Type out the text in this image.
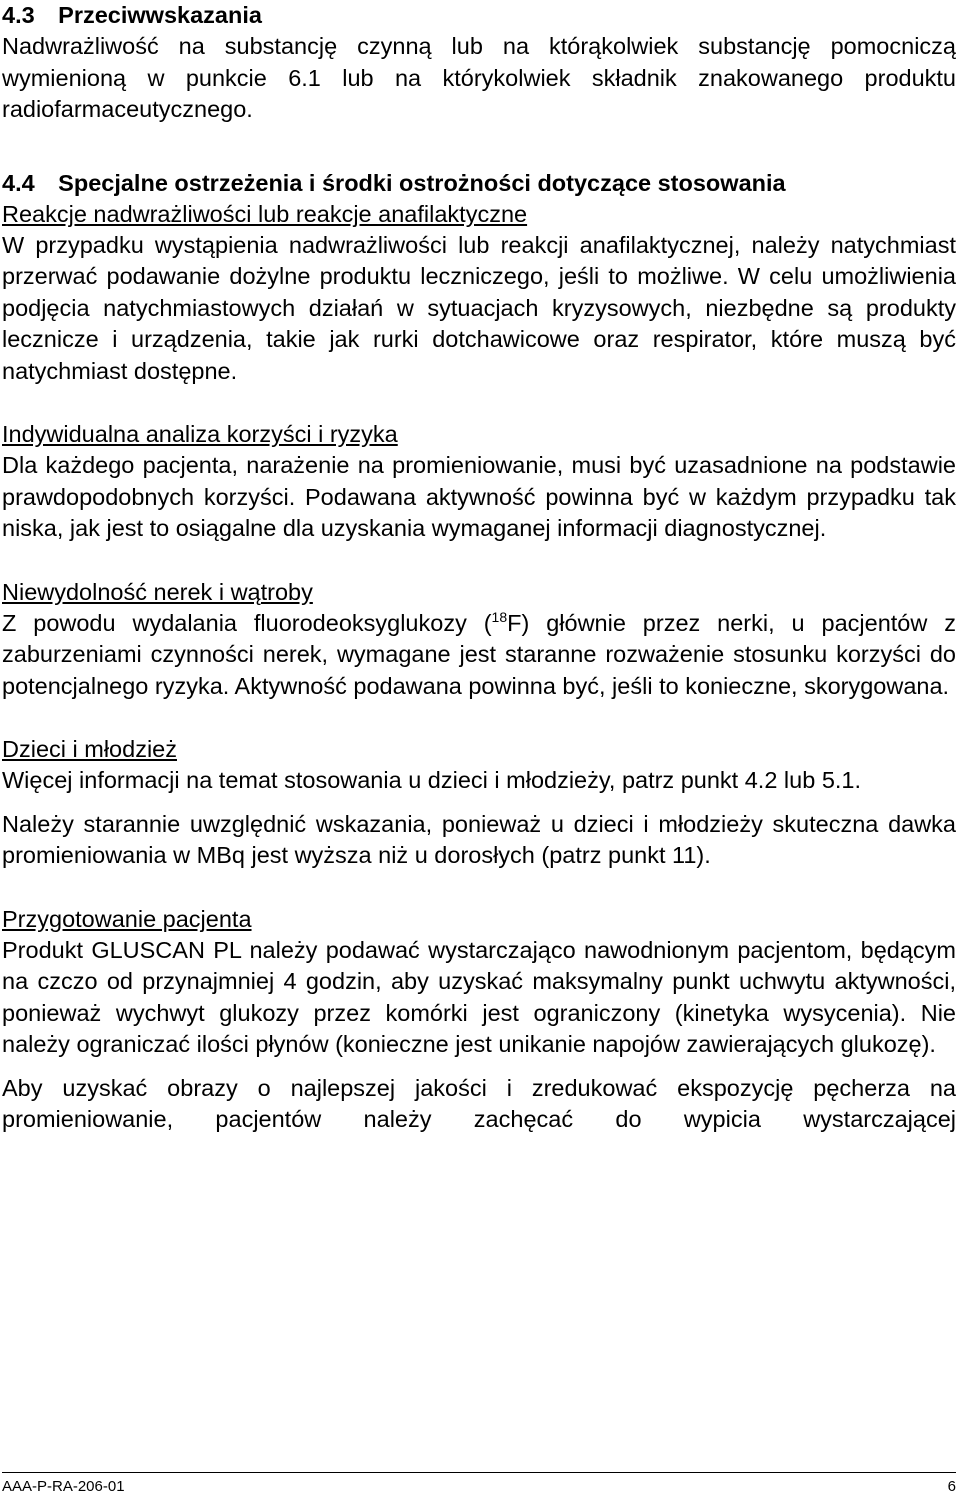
4.3 Przeciwwskazania

Nadwrażliwość na substancję czynną lub na którąkolwiek substancję pomocniczą wymienioną w punkcie 6.1 lub na którykolwiek składnik znakowanego produktu radiofarmaceutycznego.

4.4 Specjalne ostrzeżenia i środki ostrożności dotyczące stosowania
Reakcje nadwrażliwości lub reakcje anafilaktyczne

W przypadku wystąpienia nadwrażliwości lub reakcji anafilaktycznej, należy natychmiast przerwać podawanie dożylne produktu leczniczego, jeśli to możliwe. W celu umożliwienia podjęcia natychmiastowych działań w sytuacjach kryzysowych, niezbędne są produkty lecznicze i urządzenia, takie jak rurki dotchawicowe oraz respirator, które muszą być natychmiast dostępne.

Indywidualna analiza korzyści i ryzyka

Dla każdego pacjenta, narażenie na promieniowanie, musi być uzasadnione na podstawie prawdopodobnych korzyści. Podawana aktywność powinna być w każdym przypadku tak niska, jak jest to osiągalne dla uzyskania wymaganej informacji diagnostycznej.

Niewydolność nerek i wątroby

Z powodu wydalania fluorodeoksyglukozy ($^{18}$F) głównie przez nerki, u pacjentów z zaburzeniami czynności nerek, wymagane jest staranne rozważenie stosunku korzyści do potencjalnego ryzyka. Aktywność podawana powinna być, jeśli to konieczne, skorygowana.

Dzieci i młodzież

Więcej informacji na temat stosowania u dzieci i młodzieży, patrz punkt 4.2 lub 5.1.

Należy starannie uwzględnić wskazania, ponieważ u dzieci i młodzieży skuteczna dawka promieniowania w MBq jest wyższa niż u dorosłych (patrz punkt 11).

Przygotowanie pacjenta

Produkt GLUSCAN PL należy podawać wystarczająco nawodnionym pacjentom, będącym na czczo od przynajmniej 4 godzin, aby uzyskać maksymalny punkt uchwytu aktywności, ponieważ wychwyt glukozy przez komórki jest ograniczony (kinetyka wysycenia). Nie należy ograniczać ilości płynów (konieczne jest unikanie napojów zawierających glukozę).

Aby uzyskać obrazy o najlepszej jakości i zredukować ekspozycję pęcherza na promieniowanie, pacjentów należy zachęcać do wypicia wystarczającej

AAA-P-RA-206-01	6
